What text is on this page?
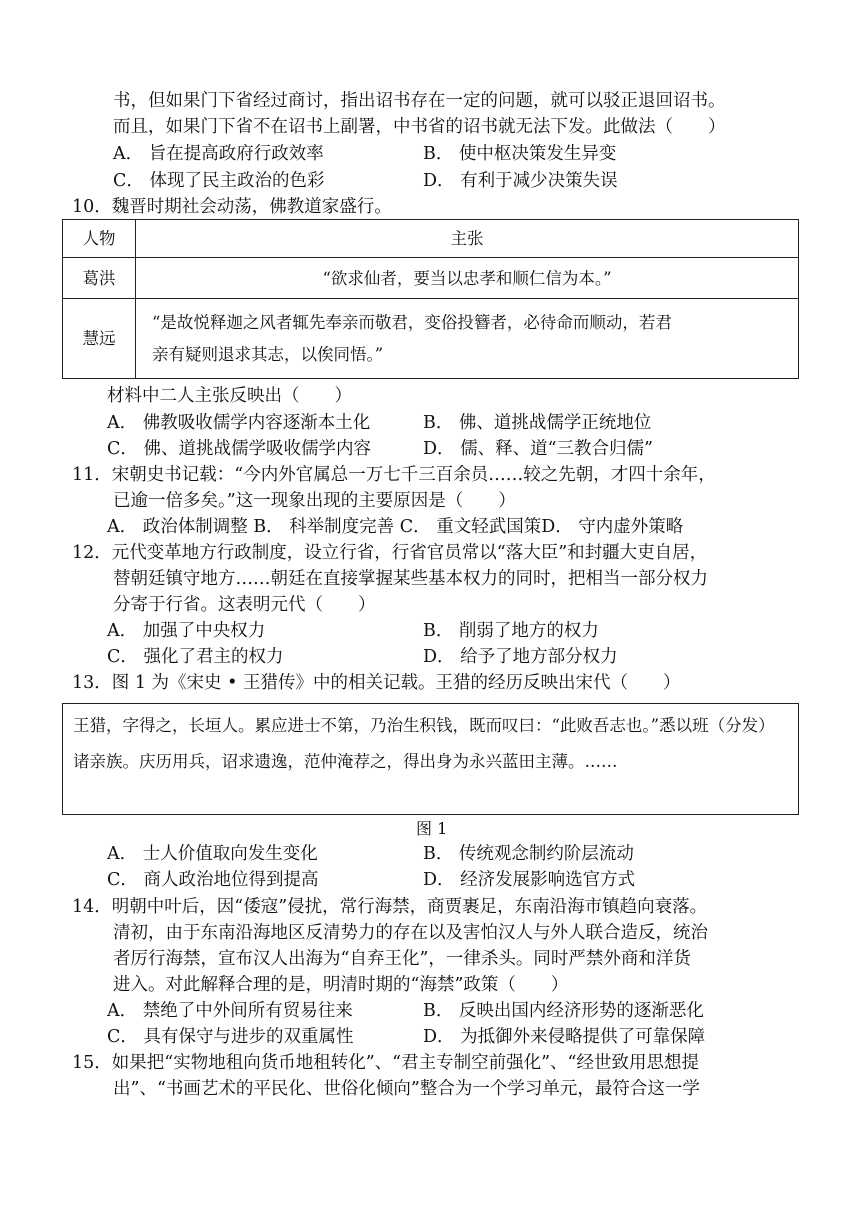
书，但如果门下省经过商讨，指出诏书存在一定的问题，就可以驳正退回诏书。
而且，如果门下省不在诏书上副署，中书省的诏书就无法下发。此做法（　　）
A． 旨在提高政府行政效率	B． 使中枢决策发生异变
C． 体现了民主政治的色彩	D． 有利于减少决策失误
10．魏晋时期社会动荡，佛教道家盛行。
人物	主张
葛洪	“欲求仙者，要当以忠孝和顺仁信为本。”
慧远	“是故悦释迦之风者辄先奉亲而敬君，变俗投簪者，必待命而顺动，若君
亲有疑则退求其志，以俟同悟。”
材料中二人主张反映出（　　）
A． 佛教吸收儒学内容逐渐本土化	B． 佛、道挑战儒学正统地位
C． 佛、道挑战儒学吸收儒学内容	D． 儒、释、道“三教合归儒”
11．宋朝史书记载：“今内外官属总一万七千三百余员……较之先朝，才四十余年，
已逾一倍多矣。”这一现象出现的主要原因是（　　）
A． 政治体制调整 B． 科举制度完善 C． 重文轻武国策D． 守内虚外策略
12．元代变革地方行政制度，设立行省，行省官员常以“落大臣”和封疆大吏自居，
替朝廷镇守地方……朝廷在直接掌握某些基本权力的同时，把相当一部分权力
分寄于行省。这表明元代（　　）
A． 加强了中央权力	B． 削弱了地方的权力
C． 强化了君主的权力	D． 给予了地方部分权力
13．图 1 为《宋史 • 王猎传》中的相关记载。王猎的经历反映出宋代（　　）
王猎，字得之，长垣人。累应进士不第，乃治生积钱，既而叹曰：“此败吾志也。”悉以班（分发）诸亲族。庆历用兵，诏求遗逸，范仲淹荐之，得出身为永兴蓝田主薄。……
图 1
A． 士人价值取向发生变化	B． 传统观念制约阶层流动
C． 商人政治地位得到提高	D． 经济发展影响选官方式
14．明朝中叶后，因“倭寇”侵扰，常行海禁，商贾裹足，东南沿海市镇趋向衰落。
清初，由于东南沿海地区反清势力的存在以及害怕汉人与外人联合造反，统治
者厉行海禁，宣布汉人出海为“自弃王化”，一律杀头。同时严禁外商和洋货
进入。对此解释合理的是，明清时期的“海禁”政策（　　）
A． 禁绝了中外间所有贸易往来	B． 反映出国内经济形势的逐渐恶化
C． 具有保守与进步的双重属性	D． 为抵御外来侵略提供了可靠保障
15．如果把“实物地租向货币地租转化”、“君主专制空前强化”、“经世致用思想提
出”、“书画艺术的平民化、世俗化倾向”整合为一个学习单元，最符合这一学
